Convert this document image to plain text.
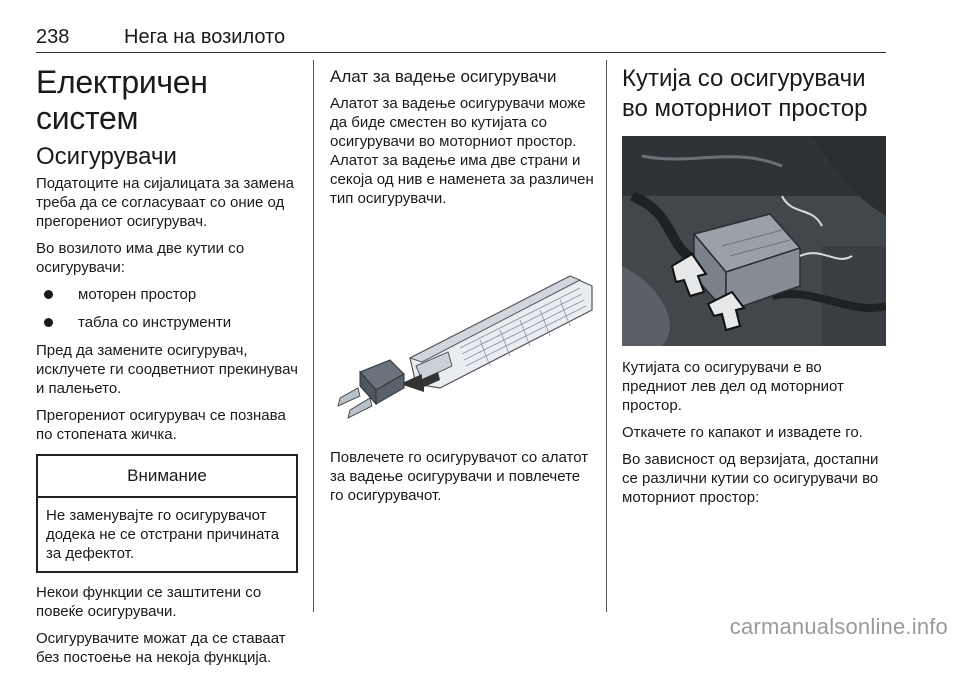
238	Нега на возилото
Електричен систем
Осигурувачи

Податоците на сијалицата за замена треба да се согласуваат со оние од прегорениот осигурувач.

Во возилото има две кутии со осигурувачи:

моторен простор
табла со инструменти

Пред да замените осигурувач, исклучете ги соодветниот прекинувач и палењето.

Прегорениот осигурувач се познава по стопената жичка.

Внимание
Не заменувајте го осигурувачот додека не се отстрани причината за дефектот.

Некои функции се заштитени со повеќе осигурувачи.

Осигурувачите можат да се ставаат без постоење на некоја функција.

Алат за вадење осигурувачи

Алатот за вадење осигурувачи може да биде сместен во кутијата со осигурувачи во моторниот простор. Алатот за вадење има две страни и секоја од нив е наменета за различен тип осигурувачи.

Повлечете го осигурувачот со алатот за вадење осигурувачи и повлечете го осигурувачот.

Кутија со осигурувачи во моторниот простор

Кутијата со осигурувачи е во предниот лев дел од моторниот простор.

Откачете го капакот и извадете го.

Во зависност од верзијата, достапни се различни кутии со осигурувачи во моторниот простор:

carmanualsonline.info
